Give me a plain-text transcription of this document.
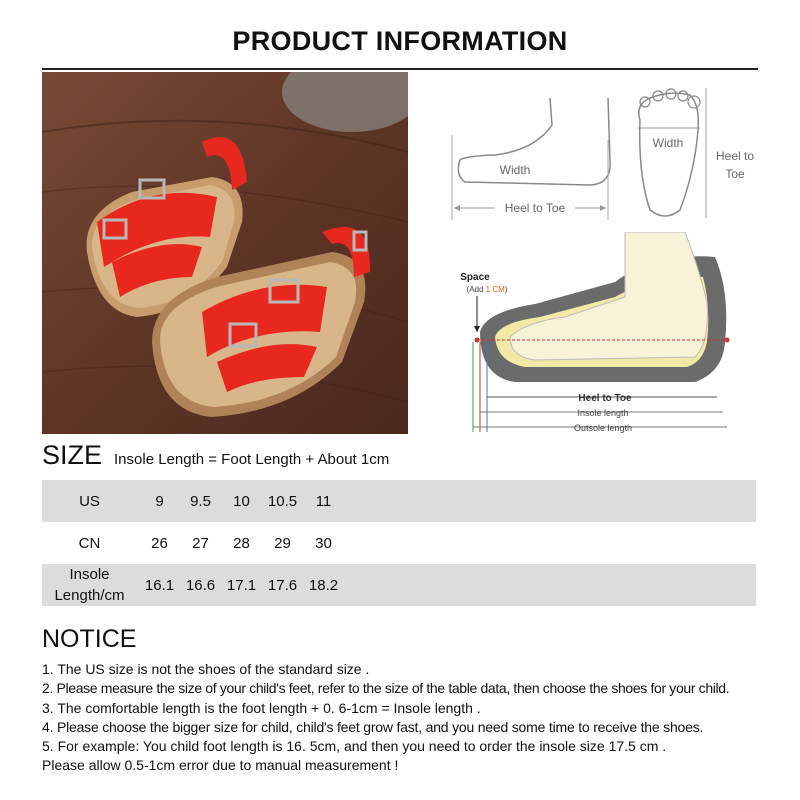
PRODUCT INFORMATION
Heel to Toe
Width
Width
Heel to
Toe
Heel to Toe
Insole length
Outsole length
Space
(Add 1 CM)
SIZE Insole Length = Foot Length + About 1cm
US	9	9.5	10	10.5	11
CN	26	27	28	29	30
Insole
Length/cm
16.1 16.6 17.1 17.6 18.2
NOTICE
1. The US size is not the shoes of the standard size .
2. Please measure the size of your child's feet, refer to the size of the table data, then choose the shoes for your child.
3. The comfortable length is the foot length + 0. 6-1cm = Insole length .
4. Please choose the bigger size for child, child's feet grow fast, and you need some time to receive the shoes.
5. For example: You child foot length is 16. 5cm, and then you need to order the insole size 17.5 cm .
Please allow 0.5-1cm error due to manual measurement !
